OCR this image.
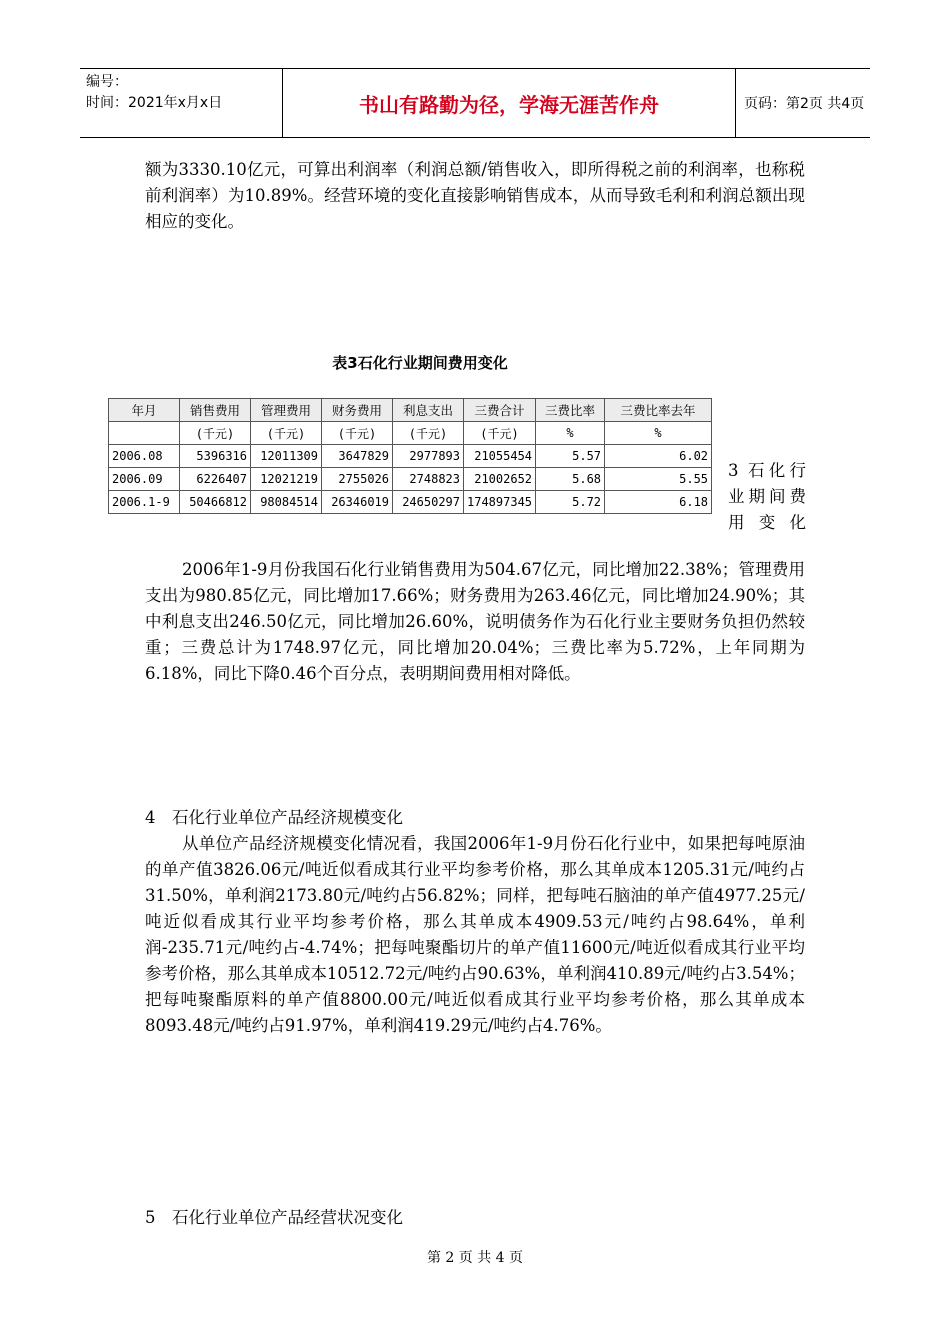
编号：
时间：2021年x月x日	书山有路勤为径，学海无涯苦作舟	页码：第2页 共4页
额为3330.10亿元，可算出利润率（利润总额/销售收入，即所得税之前的利润率，也称税前利润率）为10.89%。经营环境的变化直接影响销售成本，从而导致毛利和利润总额出现相应的变化。
表3石化行业期间费用变化
年月	销售费用	管理费用	财务费用	利息支出	三费合计	三费比率	三费比率去年
	(千元)	(千元)	(千元)	(千元)	(千元)	%	%
2006.08	5396316	12011309	3647829	2977893	21055454	5.57	6.02
2006.09	6226407	12021219	2755026	2748823	21002652	5.68	5.55
2006.1-9	50466812	98084514	26346019	24650297	174897345	5.72	6.18
3 石化行业期间费用变化
2006年1-9月份我国石化行业销售费用为504.67亿元，同比增加22.38%；管理费用支出为980.85亿元，同比增加17.66%；财务费用为263.46亿元，同比增加24.90%；其中利息支出246.50亿元，同比增加26.60%，说明债务作为石化行业主要财务负担仍然较重；三费总计为1748.97亿元，同比增加20.04%；三费比率为5.72%，上年同期为6.18%，同比下降0.46个百分点，表明期间费用相对降低。
4　石化行业单位产品经济规模变化
从单位产品经济规模变化情况看，我国2006年1-9月份石化行业中，如果把每吨原油的单产值3826.06元/吨近似看成其行业平均参考价格，那么其单成本1205.31元/吨约占31.50%，单利润2173.80元/吨约占56.82%；同样，把每吨石脑油的单产值4977.25元/吨近似看成其行业平均参考价格，那么其单成本4909.53元/吨约占98.64%，单利润-235.71元/吨约占-4.74%；把每吨聚酯切片的单产值11600元/吨近似看成其行业平均参考价格，那么其单成本10512.72元/吨约占90.63%，单利润410.89元/吨约占3.54%；把每吨聚酯原料的单产值8800.00元/吨近似看成其行业平均参考价格，那么其单成本8093.48元/吨约占91.97%，单利润419.29元/吨约占4.76%。
5　石化行业单位产品经营状况变化
第 2 页 共 4 页
